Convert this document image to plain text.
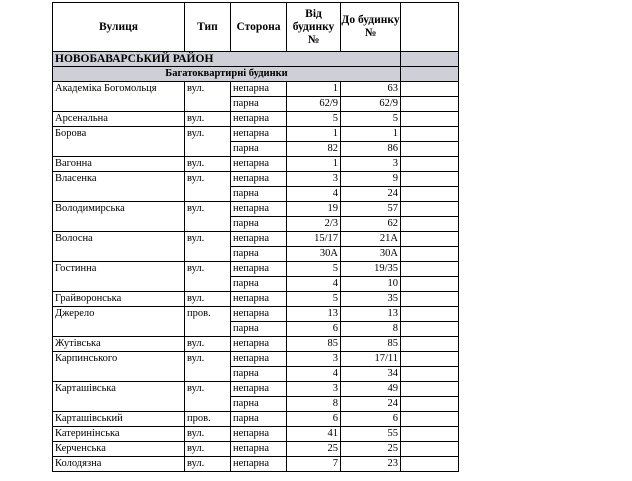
Вулиця	Тип	Сторона	Від будинку №	До будинку №	
НОВОБАВАРСЬКИЙ РАЙОН					
Багатоквартирні будинки					
Академіка Богомольця	вул.	непарна	1	63	
		парна	62/9	62/9	
Арсенальна	вул.	непарна	5	5	
Борова	вул.	непарна	1	1	
		парна	82	86	
Вагонна	вул.	непарна	1	3	
Власенка	вул.	непарна	3	9	
		парна	4	24	
Володимирська	вул.	непарна	19	57	
		парна	2/3	62	
Волосна	вул.	непарна	15/17	21А	
		парна	30А	30А	
Гостинна	вул.	непарна	5	19/35	
		парна	4	10	
Грайворонська	вул.	непарна	5	35	
Джерело	пров.	непарна	13	13	
		парна	6	8	
Жутівська	вул.	непарна	85	85	
Карпинського	вул.	непарна	3	17/11	
		парна	4	34	
Карташівська	вул.	непарна	3	49	
		парна	8	24	
Карташівський	пров.	парна	6	6	
Катеринінська	вул.	непарна	41	55	
Керченська	вул.	непарна	25	25	
Колодязна	вул.	непарна	7	23	
